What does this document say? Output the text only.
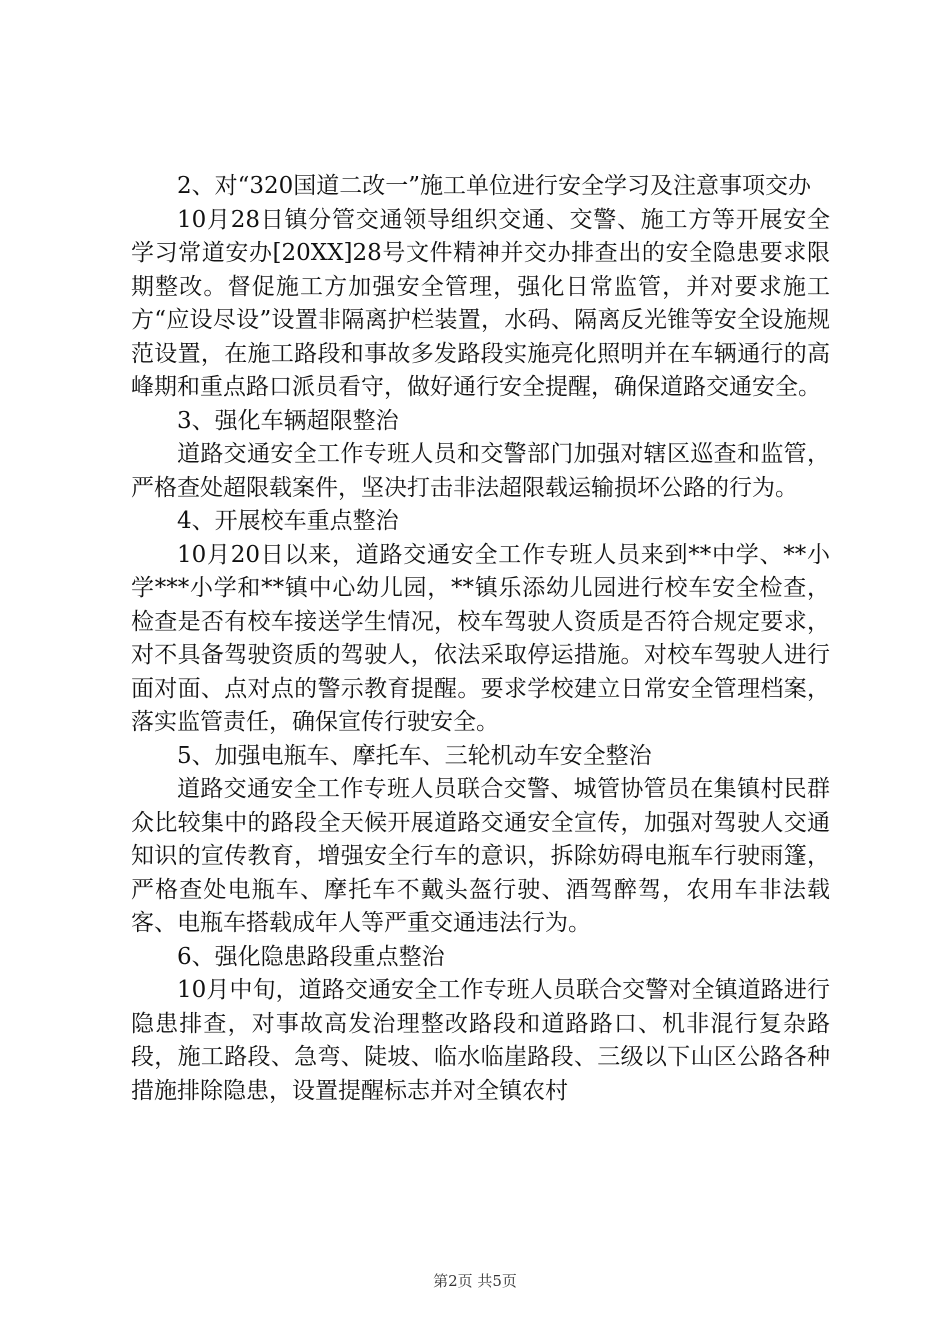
2、对“320国道二改一”施工单位进行安全学习及注意事项交办

10月28日镇分管交通领导组织交通、交警、施工方等开展安全学习常道安办[20XX]28号文件精神并交办排查出的安全隐患要求限期整改。督促施工方加强安全管理，强化日常监管，并对要求施工方“应设尽设”设置非隔离护栏装置，水码、隔离反光锥等安全设施规范设置，在施工路段和事故多发路段实施亮化照明并在车辆通行的高峰期和重点路口派员看守，做好通行安全提醒，确保道路交通安全。

3、强化车辆超限整治

道路交通安全工作专班人员和交警部门加强对辖区巡查和监管，严格查处超限载案件，坚决打击非法超限载运输损坏公路的行为。

4、开展校车重点整治

10月20日以来，道路交通安全工作专班人员来到**中学、**小学***小学和**镇中心幼儿园，**镇乐添幼儿园进行校车安全检查，检查是否有校车接送学生情况，校车驾驶人资质是否符合规定要求，对不具备驾驶资质的驾驶人，依法采取停运措施。对校车驾驶人进行面对面、点对点的警示教育提醒。要求学校建立日常安全管理档案，落实监管责任，确保宣传行驶安全。

5、加强电瓶车、摩托车、三轮机动车安全整治

道路交通安全工作专班人员联合交警、城管协管员在集镇村民群众比较集中的路段全天候开展道路交通安全宣传，加强对驾驶人交通知识的宣传教育，增强安全行车的意识，拆除妨碍电瓶车行驶雨篷，严格查处电瓶车、摩托车不戴头盔行驶、酒驾醉驾，农用车非法载客、电瓶车搭载成年人等严重交通违法行为。

6、强化隐患路段重点整治

10月中旬，道路交通安全工作专班人员联合交警对全镇道路进行隐患排查，对事故高发治理整改路段和道路路口、机非混行复杂路段，施工路段、急弯、陡坡、临水临崖路段、三级以下山区公路各种措施排除隐患，设置提醒标志并对全镇农村

第2页 共5页
